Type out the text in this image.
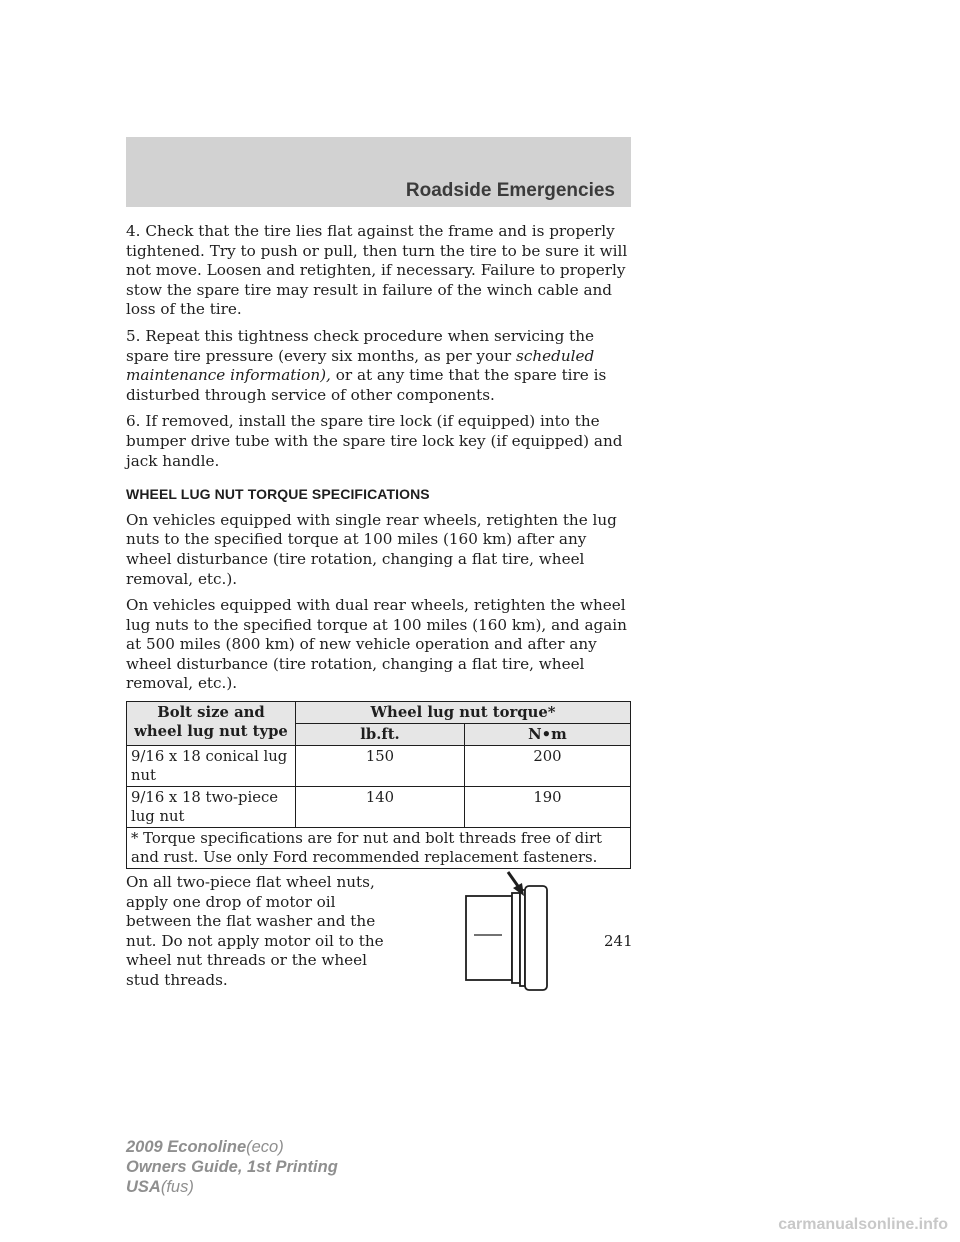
Roadside Emergencies

4. Check that the tire lies flat against the frame and is properly tightened. Try to push or pull, then turn the tire to be sure it will not move. Loosen and retighten, if necessary. Failure to properly stow the spare tire may result in failure of the winch cable and loss of the tire.

5. Repeat this tightness check procedure when servicing the spare tire pressure (every six months, as per your scheduled maintenance information), or at any time that the spare tire is disturbed through service of other components.

6. If removed, install the spare tire lock (if equipped) into the bumper drive tube with the spare tire lock key (if equipped) and jack handle.

WHEEL LUG NUT TORQUE SPECIFICATIONS

On vehicles equipped with single rear wheels, retighten the lug nuts to the specified torque at 100 miles (160 km) after any wheel disturbance (tire rotation, changing a flat tire, wheel removal, etc.).

On vehicles equipped with dual rear wheels, retighten the wheel lug nuts to the specified torque at 100 miles (160 km), and again at 500 miles (800 km) of new vehicle operation and after any wheel disturbance (tire rotation, changing a flat tire, wheel removal, etc.).

Bolt size and wheel lug nut type	Wheel lug nut torque*	
	lb.ft.	N•m
9/16 x 18 conical lug nut	150	200
9/16 x 18 two-piece lug nut	140	190
* Torque specifications are for nut and bolt threads free of dirt and rust. Use only Ford recommended replacement fasteners.		

On all two-piece flat wheel nuts, apply one drop of motor oil between the flat washer and the nut. Do not apply motor oil to the wheel nut threads or the wheel stud threads.

241

2009 Econoline(eco)
Owners Guide, 1st Printing
USA(fus)
carmanualsonline.info
